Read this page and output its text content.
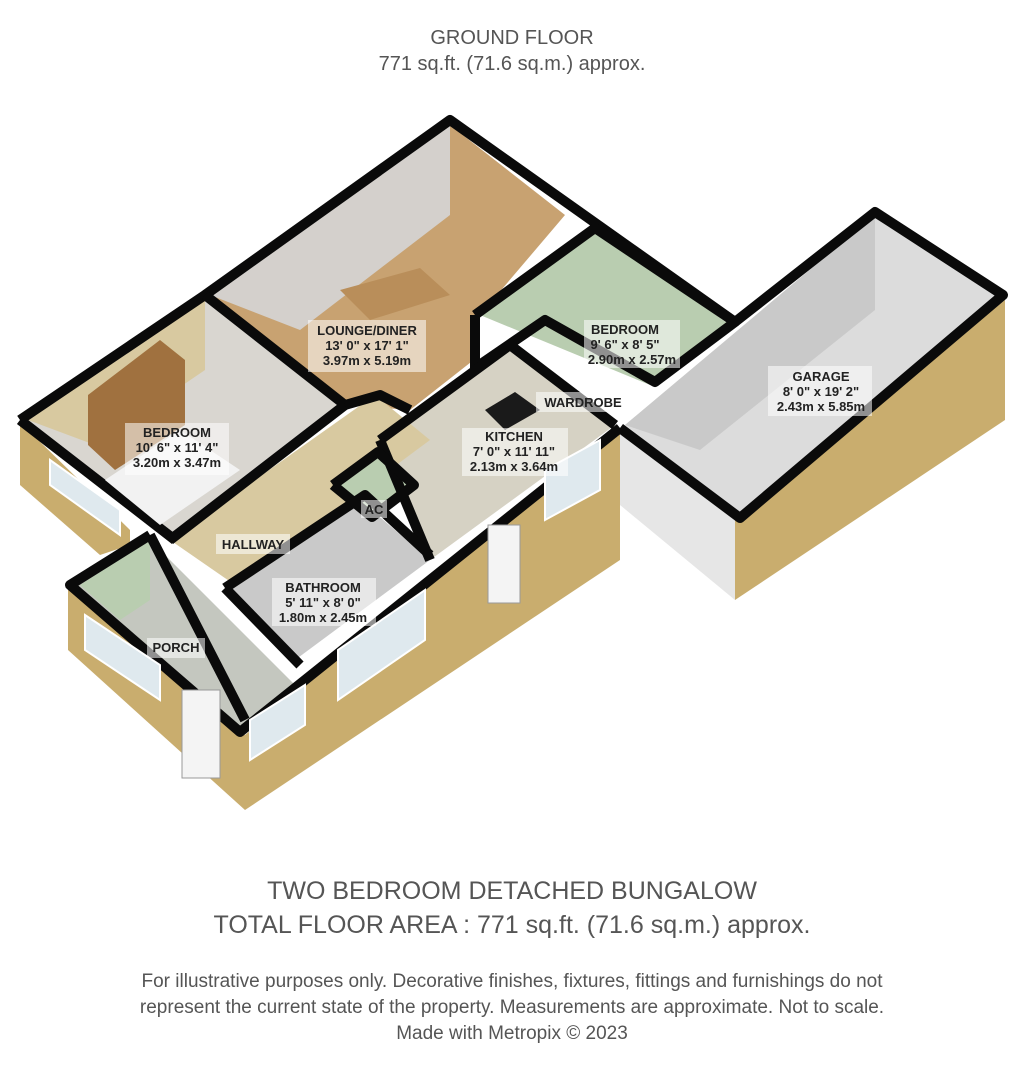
GROUND FLOOR
771 sq.ft. (71.6 sq.m.) approx.
LOUNGE/DINER
13' 0" x 17' 1"
3.97m x 5.19m
BEDROOM
10' 6" x 11' 4"
3.20m x 3.47m
BEDROOM
9' 6" x 8' 5"
2.90m x 2.57m
GARAGE
8' 0" x 19' 2"
2.43m x 5.85m
KITCHEN
7' 0" x 11' 11"
2.13m x 3.64m
BATHROOM
5' 11" x 8' 0"
1.80m x 2.45m
WARDROBE
HALLWAY
AC
PORCH
TWO BEDROOM DETACHED BUNGALOW
TOTAL FLOOR AREA : 771 sq.ft. (71.6 sq.m.) approx.
For illustrative purposes only. Decorative finishes, fixtures, fittings and furnishings do not
represent the current state of the property. Measurements are approximate. Not to scale.
Made with Metropix © 2023
